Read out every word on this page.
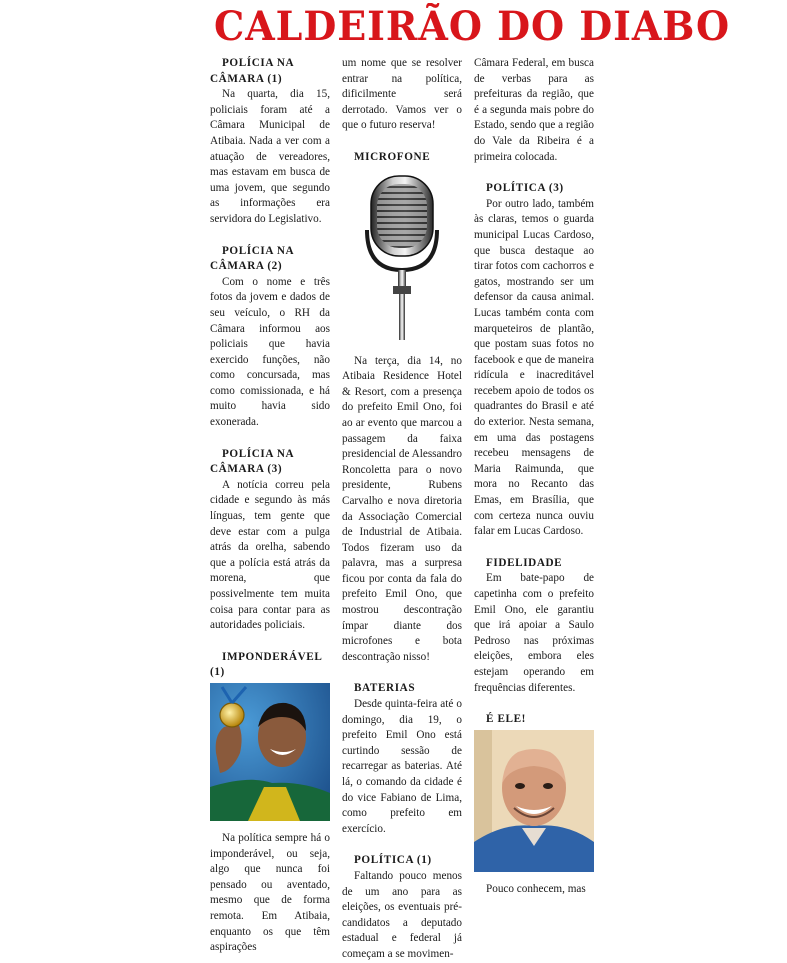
CALDEIRÃO DO DIABO
POLÍCIA NA CÂMARA (1)

Na quarta, dia 15, policiais foram até a Câmara Municipal de Atibaia. Nada a ver com a atuação de vereadores, mas estavam em busca de uma jovem, que segundo as informações era servidora do Legislativo.

POLÍCIA NA CÂMARA (2)

Com o nome e três fotos da jovem e dados de seu veículo, o RH da Câmara informou aos policiais que havia exercido funções, não como concursada, mas como comissionada, e há muito havia sido exonerada.

POLÍCIA NA CÂMARA (3)

A notícia correu pela cidade e segundo às más línguas, tem gente que deve estar com a pulga atrás da orelha, sabendo que a polícia está atrás da morena, que possivelmente tem muita coisa para contar para as autoridades policiais.

IMPONDERÁVEL (1)

Na política sempre há o imponderável, ou seja, algo que nunca foi pensado ou aventado, mesmo que de forma remota. Em Atibaia, enquanto os que têm aspirações

um nome que se resolver entrar na política, dificilmente será derrotado. Vamos ver o que o futuro reserva!

MICROFONE

Na terça, dia 14, no Atibaia Residence Hotel & Resort, com a presença do prefeito Emil Ono, foi ao ar evento que marcou a passagem da faixa presidencial de Alessandro Roncoletta para o novo presidente, Rubens Carvalho e nova diretoria da Associação Comercial de Industrial de Atibaia. Todos fizeram uso da palavra, mas a surpresa ficou por conta da fala do prefeito Emil Ono, que mostrou descontração ímpar diante dos microfones e bota descontração nisso!

BATERIAS

Desde quinta-feira até o domingo, dia 19, o prefeito Emil Ono está curtindo sessão de recarregar as baterias. Até lá, o comando da cidade é do vice Fabiano de Lima, como prefeito em exercício.

POLÍTICA (1)

Faltando pouco menos de um ano para as eleições, os eventuais pré-candidatos a deputado estadual e federal já começam a se movimen-

Câmara Federal, em busca de verbas para as prefeituras da região, que é a segunda mais pobre do Estado, sendo que a região do Vale da Ribeira é a primeira colocada.

POLÍTICA (3)

Por outro lado, também às claras, temos o guarda municipal Lucas Cardoso, que busca destaque ao tirar fotos com cachorros e gatos, mostrando ser um defensor da causa animal. Lucas também conta com marqueteiros de plantão, que postam suas fotos no facebook e que de maneira ridícula e inacreditável recebem apoio de todos os quadrantes do Brasil e até do exterior. Nesta semana, em uma das postagens recebeu mensagens de Maria Raimunda, que mora no Recanto das Emas, em Brasília, que com certeza nunca ouviu falar em Lucas Cardoso.

FIDELIDADE

Em bate-papo de capetinha com o prefeito Emil Ono, ele garantiu que irá apoiar a Saulo Pedroso nas próximas eleições, embora eles estejam operando em frequências diferentes.

É ELE!

Pouco conhecem, mas
